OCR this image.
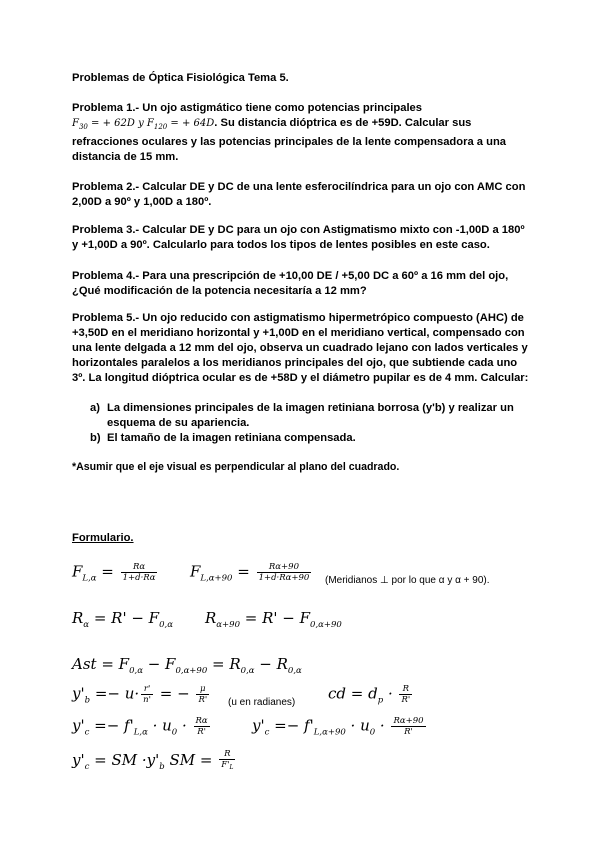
Problemas de Óptica Fisiológica Tema 5.
Problema 1.- Un ojo astigmático tiene como potencias principales
$F_{30}$ = + 62D y $F_{120}$ = + 64D. Su distancia dióptrica es de +59D. Calcular sus refracciones oculares y las potencias principales de la lente compensadora a una distancia de 15 mm.
Problema 2.- Calcular DE y DC de una lente esferocilíndrica para un ojo con AMC con 2,00D a 90º y 1,00D a 180º.
Problema 3.- Calcular DE y DC para un ojo con Astigmatismo mixto con -1,00D a 180º y +1,00D a 90º. Calcularlo para todos los tipos de lentes posibles en este caso.
Problema 4.- Para una prescripción de +10,00 DE / +5,00 DC a 60º a 16 mm del ojo, ¿Qué modificación de la potencia necesitaría a 12 mm?
Problema 5.- Un ojo reducido con astigmatismo hipermetrópico compuesto (AHC) de +3,50D en el meridiano horizontal y +1,00D en el meridiano vertical, compensado con una lente delgada a 12 mm del ojo, observa un cuadrado lejano con lados verticales y horizontales paralelos a los meridianos principales del ojo, que subtiende cada uno 3º. La longitud dióptrica ocular es de +58D y el diámetro pupilar es de 4 mm. Calcular:
a) La dimensiones principales de la imagen retiniana borrosa (y'b) y realizar un
esquema de su apariencia.
b) El tamaño de la imagen retiniana compensada.
*Asumir que el eje visual es perpendicular al plano del cuadrado.
Formulario.
$F_{L,\alpha} = \frac{R\alpha}{1+d\cdot R\alpha} F_{L,\alpha+90} = \frac{R\alpha+90}{1+d\cdot R\alpha+90}$ (Meridianos ⊥ por lo que α y α + 90).
$R_\alpha = R' - F_{0,\alpha}$ $R_{\alpha+90} = R' - F_{0,\alpha+90}$
Ast = $F_{0,\alpha} - F_{0,\alpha+90} = R_{0,\alpha} - R_{0,\alpha}$
$y'_b =- u\cdot \frac{r'}{n'}$ = − $\frac{\mu}{R'} (u$ en radianes) cd = $d_p \cdot \frac{R}{R'}$
$y'_c =- f'_{L,\alpha} \cdot u_0 \cdot \frac{R\alpha}{R'}$	$y'_c =- f'_{L,\alpha+90} \cdot u_0 \cdot \frac{R\alpha+90}{R'}$
$y'_c$ = SM $\cdot y'_b$ SM = $\frac{R}{F'_L}$
